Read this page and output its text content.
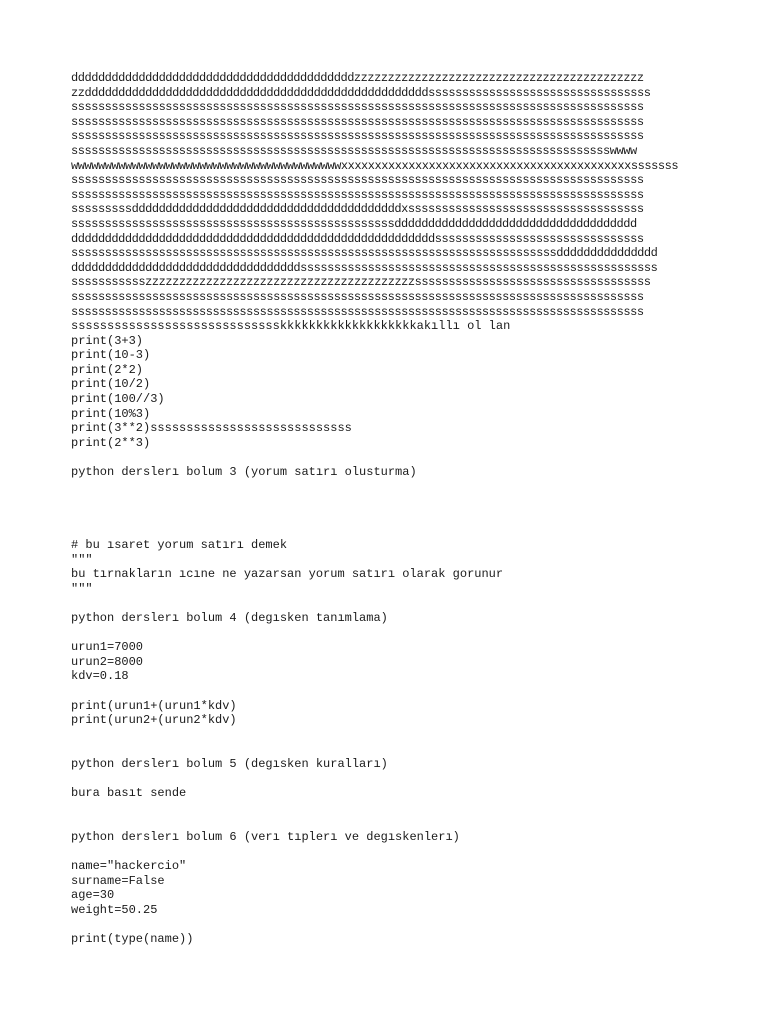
ddddddddddddddddddddddddddddddddddddddddddzzzzzzzzzzzzzzzzzzzzzzzzzzzzzzzzzzzzzzzzzzz
zzdddddddddddddddddddddddddddddddddddddddddddddddddddsssssssssssssssssssssssssssssssss
sssssssssssssssssssssssssssssssssssssssssssssssssssssssssssssssssssssssssssssssssssss
sssssssssssssssssssssssssssssssssssssssssssssssssssssssssssssssssssssssssssssssssssss
sssssssssssssssssssssssssssssssssssssssssssssssssssssssssssssssssssssssssssssssssssss
sssssssssssssssssssssssssssssssssssssssssssssssssssssssssssssssssssssssssssssssswwww
wwwwwwwwwwwwwwwwwwwwwwwwwwwwwwwwwwwwwwwwxxxxxxxxxxxxxxxxxxxxxxxxxxxxxxxxxxxxxxxxxxxsssssss
sssssssssssssssssssssssssssssssssssssssssssssssssssssssssssssssssssssssssssssssssssss
sssssssssssssssssssssssssssssssssssssssssssssssssssssssssssssssssssssssssssssssssssss
sssssssssddddddddddddddddddddddddddddddddddddddddxsssssssssssssssssssssssssssssssssss
ssssssssssssssssssssssssssssssssssssssssssssssssdddddddddddddddddddddddddddddddddddd
ddddddddddddddddddddddddddddddddddddddddddddddddddddddsssssssssssssssssssssssssssssss
ssssssssssssssssssssssssssssssssssssssssssssssssssssssssssssssssssssssssddddddddddddddd
ddddddddddddddddddddddddddddddddddsssssssssssssssssssssssssssssssssssssssssssssssssssss
ssssssssssszzzzzzzzzzzzzzzzzzzzzzzzzzzzzzzzzzzzzzzzsssssssssssssssssssssssssssssssssss
sssssssssssssssssssssssssssssssssssssssssssssssssssssssssssssssssssssssssssssssssssss
sssssssssssssssssssssssssssssssssssssssssssssssssssssssssssssssssssssssssssssssssssss
ssssssssssssssssssssssssssssskkkkkkkkkkkkkkkkkkkakıllı ol lan
print(3+3)
print(10-3)
print(2*2)
print(10/2)
print(100//3)
print(10%3)
print(3**2)ssssssssssssssssssssssssssss
print(2**3)
python derslerı bolum 3 (yorum satırı olusturma)
# bu ısaret yorum satırı demek
"""
bu tırnakların ıcıne ne yazarsan yorum satırı olarak gorunur
"""
python derslerı bolum 4 (degısken tanımlama)
urun1=7000
urun2=8000
kdv=0.18
print(urun1+(urun1*kdv)
print(urun2+(urun2*kdv)
python derslerı bolum 5 (degısken kuralları)
bura basıt sende
python derslerı bolum 6 (verı tıplerı ve degıskenlerı)
name="hackercio"
surname=False
age=30
weight=50.25
print(type(name))
